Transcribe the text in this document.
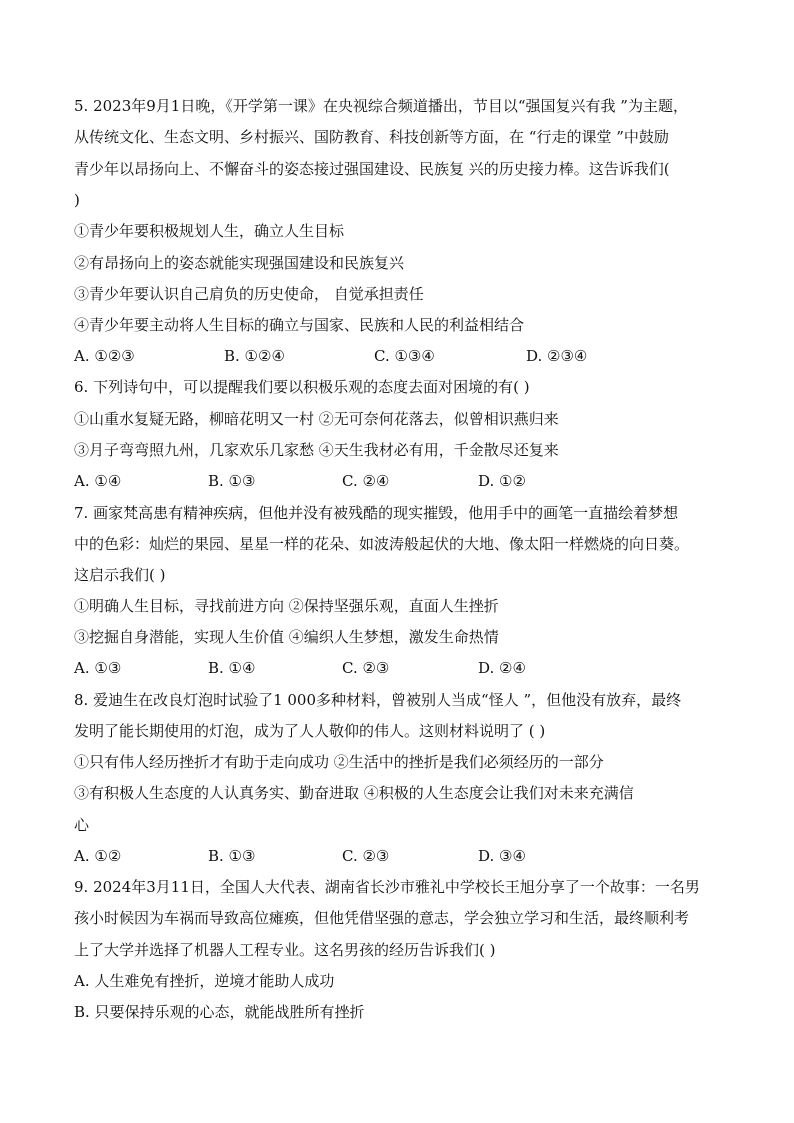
5. 2023年9月1日晚，《开学第一课》在央视综合频道播出，节目以“强国复兴有我 ”为主题，
从传统文化、生态文明、乡村振兴、国防教育、科技创新等方面，在 “行走的课堂 ”中鼓励
青少年以昂扬向上、不懈奋斗的姿态接过强国建设、民族复 兴的历史接力棒。这告诉我们(
)
①青少年要积极规划人生，确立人生目标
②有昂扬向上的姿态就能实现强国建设和民族复兴
③青少年要认识自己肩负的历史使命， 自觉承担责任
④青少年要主动将人生目标的确立与国家、民族和人民的利益相结合
A. ①②③	B. ①②④	C. ①③④	D. ②③④
6. 下列诗句中，可以提醒我们要以积极乐观的态度去面对困境的有( )
①山重水复疑无路，柳暗花明又一村 ②无可奈何花落去，似曾相识燕归来
③月子弯弯照九州，几家欢乐几家愁 ④天生我材必有用，千金散尽还复来
A. ①④	B. ①③	C. ②④	D. ①②
7. 画家梵高患有精神疾病，但他并没有被残酷的现实摧毁，他用手中的画笔一直描绘着梦想
中的色彩：灿烂的果园、星星一样的花朵、如波涛般起伏的大地、像太阳一样燃烧的向日葵。
这启示我们( )
①明确人生目标，寻找前进方向 ②保持坚强乐观，直面人生挫折
③挖掘自身潜能，实现人生价值 ④编织人生梦想，激发生命热情
A. ①③	B. ①④	C. ②③	D. ②④
8. 爱迪生在改良灯泡时试验了1 000多种材料，曾被别人当成“怪人 ”，但他没有放弃，最终
发明了能长期使用的灯泡，成为了人人敬仰的伟人。这则材料说明了 ( )
①只有伟人经历挫折才有助于走向成功 ②生活中的挫折是我们必须经历的一部分
③有积极人生态度的人认真务实、勤奋进取 ④积极的人生态度会让我们对未来充满信
心
A. ①②	B. ①③	C. ②③	D. ③④
9. 2024年3月11日，全国人大代表、湖南省长沙市雅礼中学校长王旭分享了一个故事：一名男
孩小时候因为车祸而导致高位瘫痪，但他凭借坚强的意志，学会独立学习和生活，最终顺利考
上了大学并选择了机器人工程专业。这名男孩的经历告诉我们( )
A. 人生难免有挫折，逆境才能助人成功
B. 只要保持乐观的心态，就能战胜所有挫折
